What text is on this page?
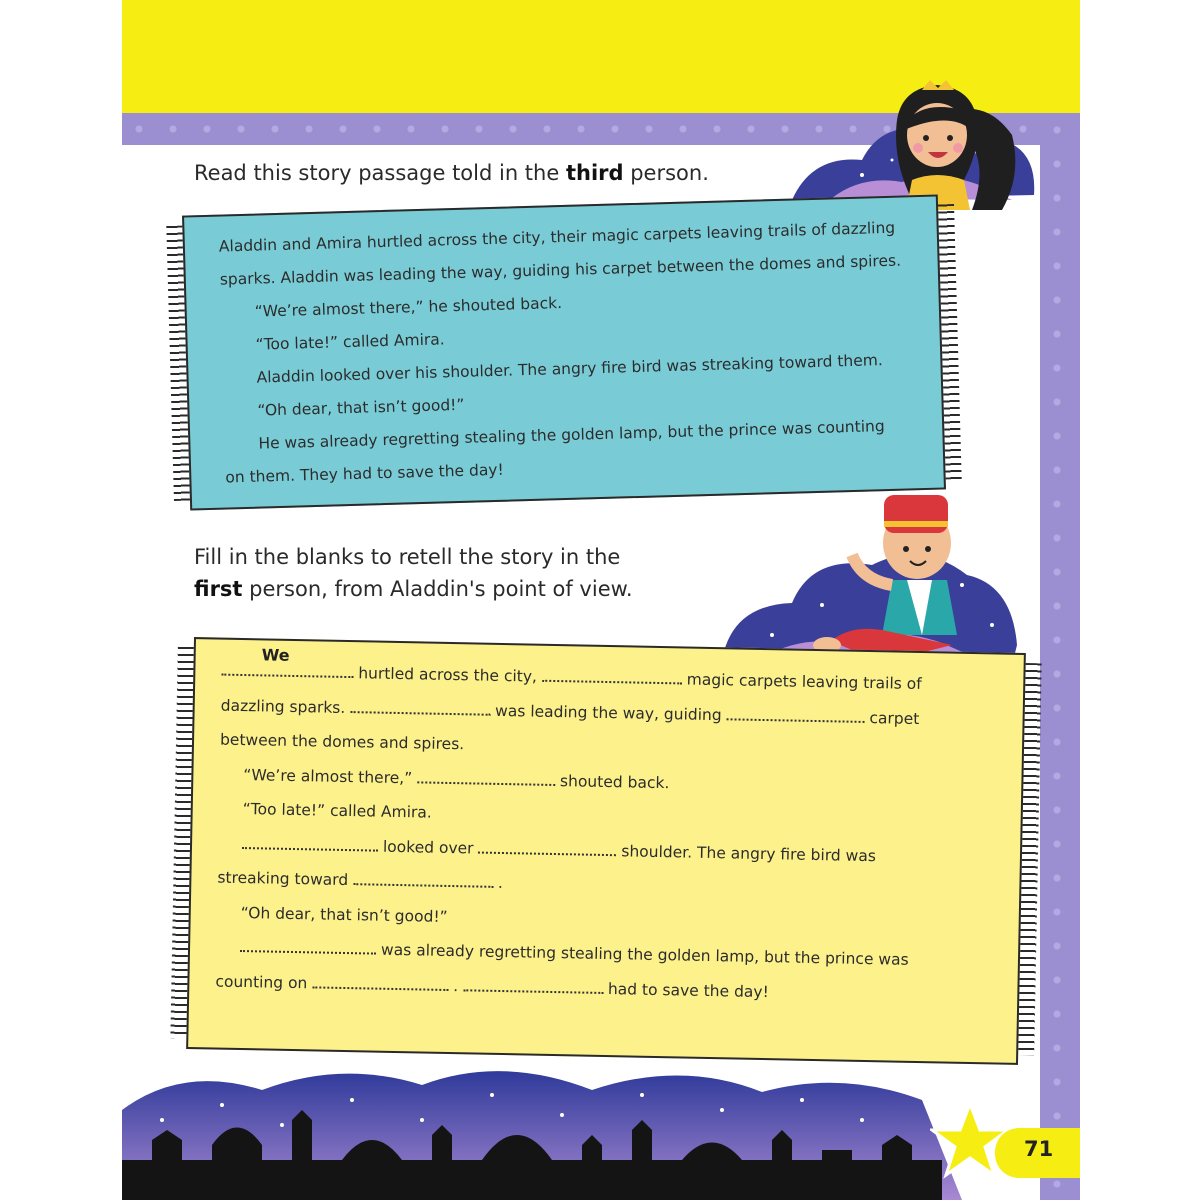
Read this story passage told in the third person.

Aladdin and Amira hurtled across the city, their magic carpets leaving trails of dazzling

sparks. Aladdin was leading the way, guiding his carpet between the domes and spires.

“We’re almost there,” he shouted back.

“Too late!” called Amira.

Aladdin looked over his shoulder. The angry fire bird was streaking toward them.

“Oh dear, that isn’t good!”

He was already regretting stealing the golden lamp, but the prince was counting

on them. They had to save the day!

Fill in the blanks to retell the story in the
first person, from Aladdin's point of view.

We
hurtled across the city,	magic carpets leaving trails of

dazzling sparks.	was leading the way, guiding	carpet

between the domes and spires.

“We’re almost there,”	shouted back.

“Too late!” called Amira.

looked over	shoulder. The angry fire bird was

streaking toward	.

“Oh dear, that isn’t good!”

was already regretting stealing the golden lamp, but the prince was

counting on	.	had to save the day!

71
